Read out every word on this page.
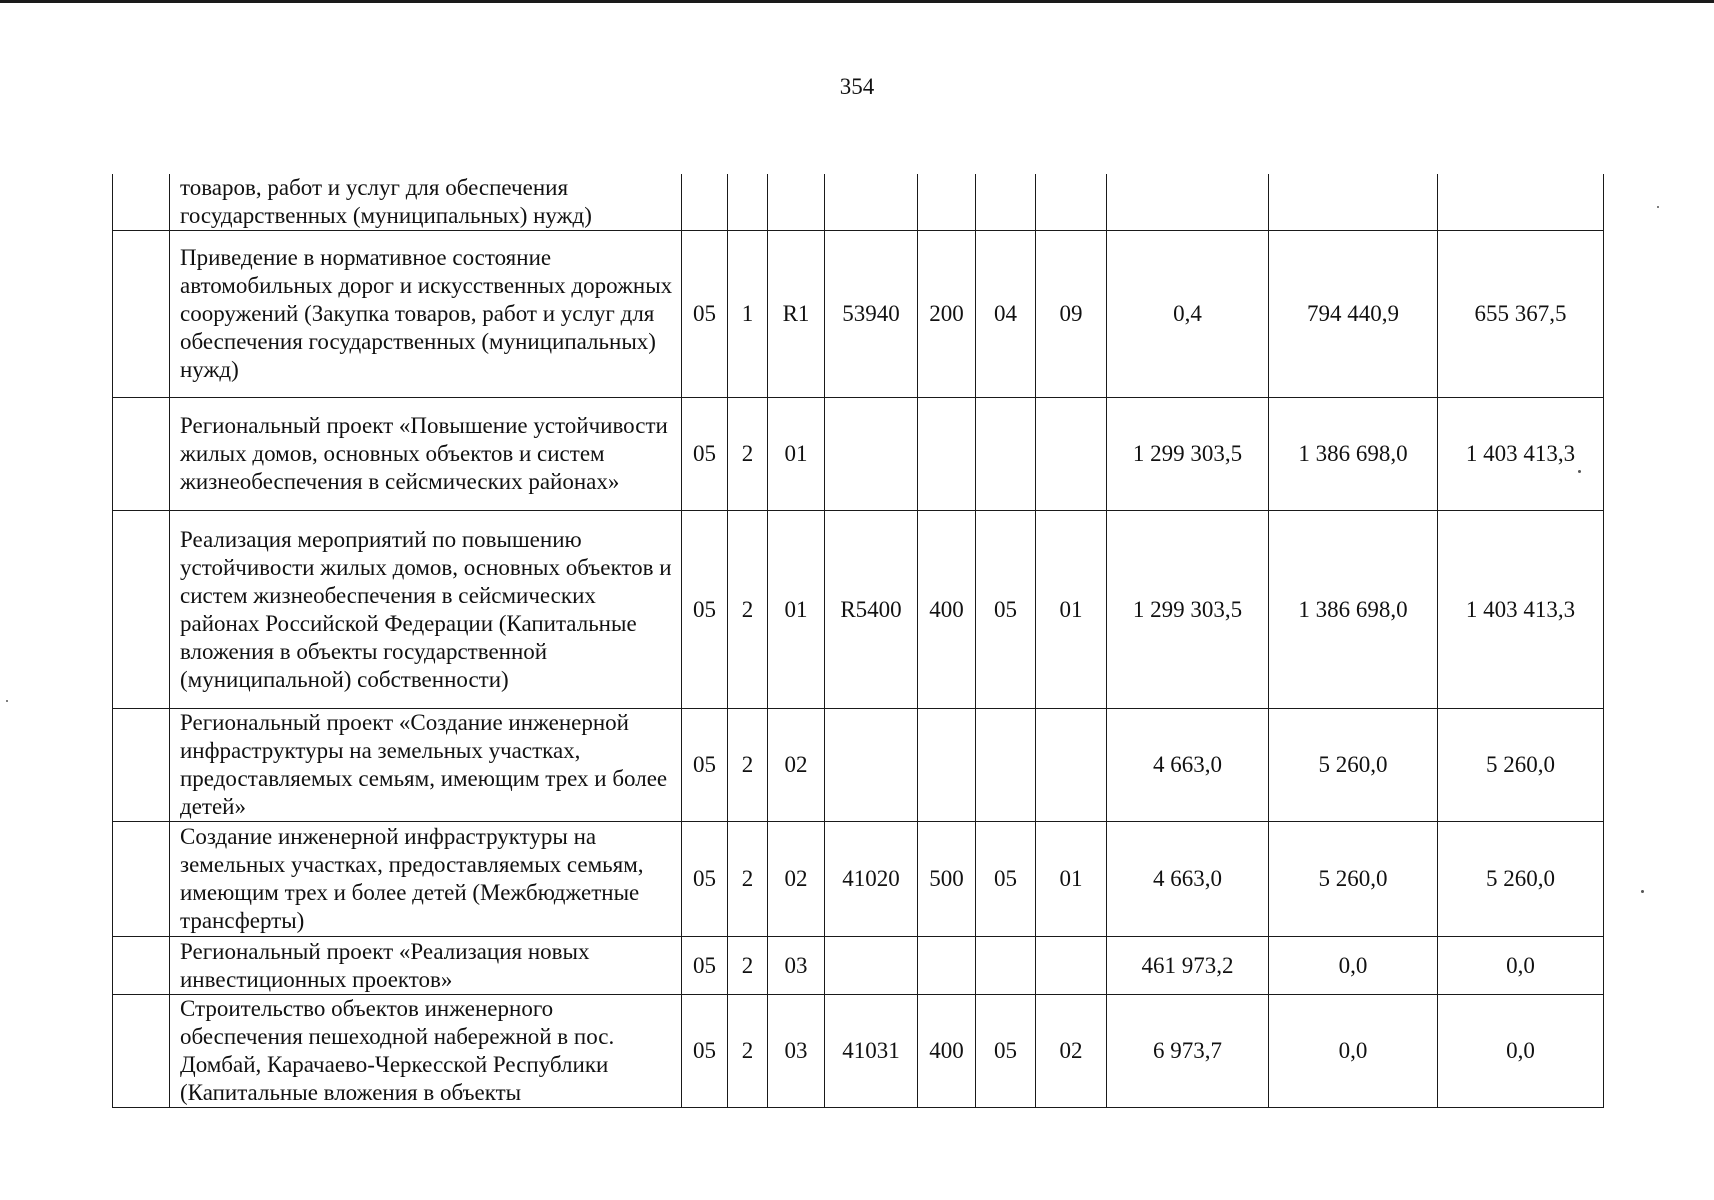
354
	товаров, работ и услуг для обеспечения государственных (муниципальных) нужд)										
	Приведение в нормативное состояние автомобильных дорог и искусственных дорожных сооружений (Закупка товаров, работ и услуг для обеспечения государственных (муниципальных) нужд)	05	1	R1	53940	200	04	09	0,4	794 440,9	655 367,5
	Региональный проект «Повышение устойчивости жилых домов, основных объектов и систем жизнеобеспечения в сейсмических районах»	05	2	01					1 299 303,5	1 386 698,0	1 403 413,3
	Реализация мероприятий по повышению устойчивости жилых домов, основных объектов и систем жизнеобеспечения в сейсмических районах Российской Федерации (Капитальные вложения в объекты государственной (муниципальной) собственности)	05	2	01	R5400	400	05	01	1 299 303,5	1 386 698,0	1 403 413,3
	Региональный проект «Создание инженерной инфраструктуры на земельных участках, предоставляемых семьям, имеющим трех и более детей»	05	2	02					4 663,0	5 260,0	5 260,0
	Создание инженерной инфраструктуры на земельных участках, предоставляемых семьям, имеющим трех и более детей (Межбюджетные трансферты)	05	2	02	41020	500	05	01	4 663,0	5 260,0	5 260,0
	Региональный проект «Реализация новых инвестиционных проектов»	05	2	03					461 973,2	0,0	0,0
	Строительство объектов инженерного обеспечения пешеходной набережной в пос. Домбай, Карачаево-Черкесской Республики (Капитальные вложения в объекты	05	2	03	41031	400	05	02	6 973,7	0,0	0,0
